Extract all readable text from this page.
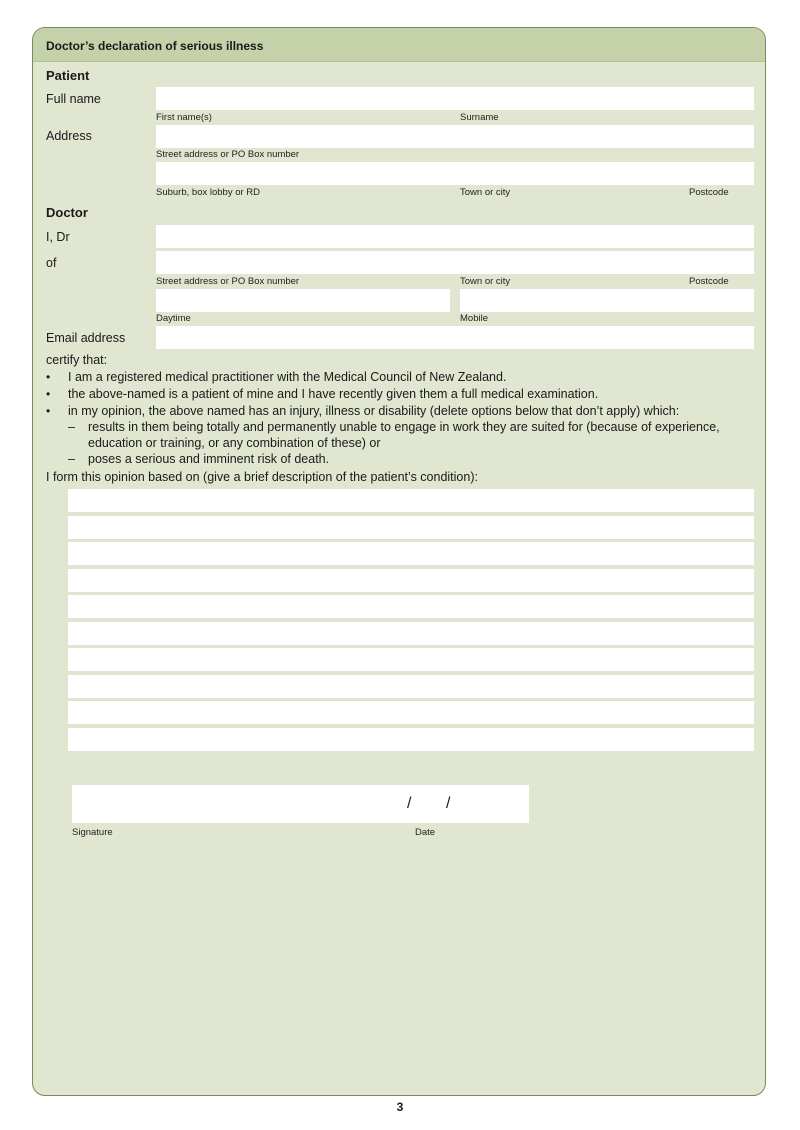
Doctor’s declaration of serious illness
Patient
Full name
First name(s)	Surname
Address
Street address or PO Box number
Suburb, box lobby or RD	Town or city	Postcode
Doctor
I, Dr
of
Street address or PO Box number	Town or city	Postcode
Daytime	Mobile
Email address
certify that:
• I am a registered medical practitioner with the Medical Council of New Zealand.
• the above-named is a patient of mine and I have recently given them a full medical examination.
• in my opinion, the above named has an injury, illness or disability (delete options below that don’t apply) which:
– results in them being totally and permanently unable to engage in work they are suited for (because of experience,
education or training, or any combination of these) or
– poses a serious and imminent risk of death.
I form this opinion based on (give a brief description of the patient’s condition):
/ /
Signature	Date
3
